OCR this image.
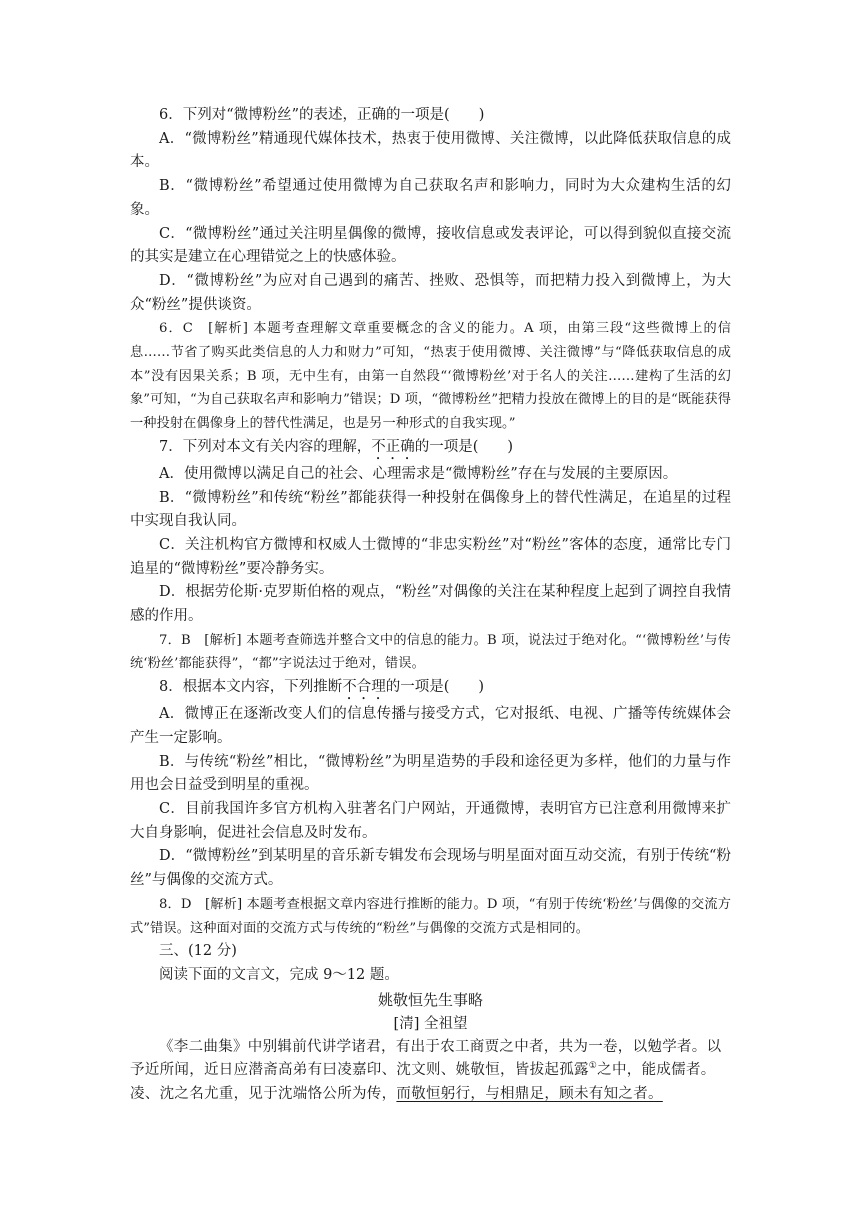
6．下列对“微博粉丝”的表述，正确的一项是(　　)

A．“微博粉丝”精通现代媒体技术，热衷于使用微博、关注微博，以此降低获取信息的成本。

B．“微博粉丝”希望通过使用微博为自己获取名声和影响力，同时为大众建构生活的幻象。

C．“微博粉丝”通过关注明星偶像的微博，接收信息或发表评论，可以得到貌似直接交流的其实是建立在心理错觉之上的快感体验。

D．“微博粉丝”为应对自己遇到的痛苦、挫败、恐惧等，而把精力投入到微博上，为大众“粉丝”提供谈资。

6．C　[解析] 本题考查理解文章重要概念的含义的能力。A 项，由第三段“这些微博上的信息……节省了购买此类信息的人力和财力”可知，“热衷于使用微博、关注微博”与“降低获取信息的成本”没有因果关系；B 项，无中生有，由第一自然段“‘微博粉丝’对于名人的关注……建构了生活的幻象”可知，“为自己获取名声和影响力”错误；D 项，“微博粉丝”把精力投放在微博上的目的是“既能获得一种投射在偶像身上的替代性满足，也是另一种形式的自我实现。”

7．下列对本文有关内容的理解，不正确的一项是(　　)

A．使用微博以满足自己的社会、心理需求是“微博粉丝”存在与发展的主要原因。

B．“微博粉丝”和传统“粉丝”都能获得一种投射在偶像身上的替代性满足，在追星的过程中实现自我认同。

C．关注机构官方微博和权威人士微博的“非忠实粉丝”对“粉丝”客体的态度，通常比专门追星的“微博粉丝”要冷静务实。

D．根据劳伦斯·克罗斯伯格的观点，“粉丝”对偶像的关注在某种程度上起到了调控自我情感的作用。

7．B　[解析] 本题考查筛选并整合文中的信息的能力。B 项，说法过于绝对化。“‘微博粉丝’与传统‘粉丝’都能获得”，“都”字说法过于绝对，错误。

8．根据本文内容，下列推断不合理的一项是(　　)

A．微博正在逐渐改变人们的信息传播与接受方式，它对报纸、电视、广播等传统媒体会产生一定影响。

B．与传统“粉丝”相比，“微博粉丝”为明星造势的手段和途径更为多样，他们的力量与作用也会日益受到明星的重视。

C．目前我国许多官方机构入驻著名门户网站，开通微博，表明官方已注意利用微博来扩大自身影响，促进社会信息及时发布。

D．“微博粉丝”到某明星的音乐新专辑发布会现场与明星面对面互动交流，有别于传统“粉丝”与偶像的交流方式。

8．D　[解析] 本题考查根据文章内容进行推断的能力。D 项，“有别于传统‘粉丝’与偶像的交流方式”错误。这种面对面的交流方式与传统的“粉丝”与偶像的交流方式是相同的。

三、(12 分)

阅读下面的文言文，完成 9～12 题。

姚敬恒先生事略

[清] 全祖望

《李二曲集》中别辑前代讲学诸君，有出于农工商贾之中者，共为一卷，以勉学者。以予近所闻，近日应潜斋高弟有曰凌嘉印、沈文则、姚敬恒，皆拔起孤露①之中，能成儒者。凌、沈之名尤重，见于沈端恪公所为传，而敬恒躬行，与相鼎足，顾未有知之者。
